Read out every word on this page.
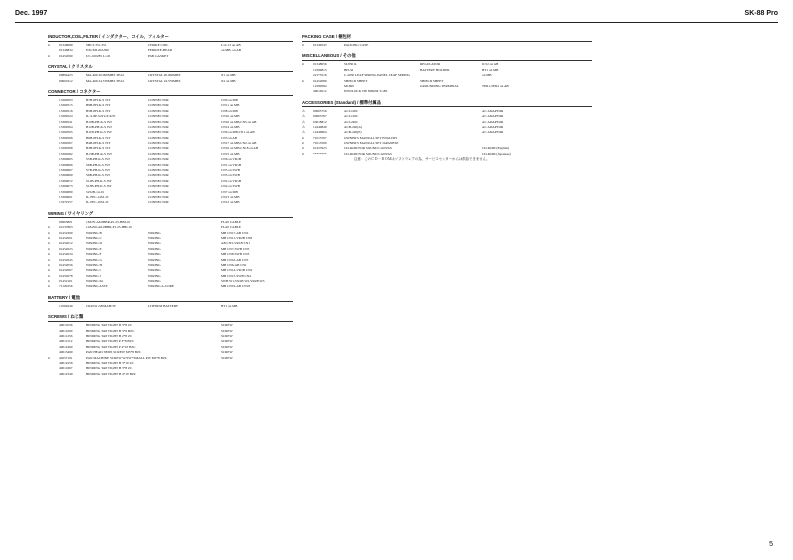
Dec. 1997	SK-88 Pro
INDUCTOR,COIL,FILTER / インダクター、コイル、フィルター
#	01346089	SBC3-331-351	CHOKE COIL	L12-13 on AB
01346834	EXCML20A390	FERRITE-BEAD	on MB, on AB
#	01452090	UC-100285 L=45	EMI GASKET
CRYSTAL / クリスタル
00894423	MA-406 20.000MHZ TE24	CRYSTAL 20.000MHZ	X1 on MB
00901912	MA-406 24.576MHZ TE24	CRYSTAL 24.576MHZ	X2 on MB
CONNECTOR / コネクター
13369503	B7B-PH-K-S JST	CONNECTOR	CN9 on MB
13369515	B9B-PH-K-S JST	CONNECTOR	CN11 on MB
13369516	B5B-PH-K-S JST	CONNECTOR	CN8 on MB
13369524	IL-S-8P-S2T2-E.K35	CONNECTOR	CN10 on MB
13369541	B10B-PH-K-S JST	CONNECTOR	CN16 on MB,CN5 on AB
13369564	B12B-PH-K-S JST	CONNECTOR	CN14 on MB
13369565	B11B-PH-K-S JST	CONNECTOR	CN6 on MB,CN1 on AB
13369566	B6B-PH-K-S JST	CONNECTOR	CN3 on AB
13369567	B4B-PH-K-S JST	CONNECTOR	CN17 on MB,CN2 on AB
13369568	B3B-PH-K-S JST	CONNECTOR	CN19 on MB,CN18 on AB
13369582	B13B-PH-K-S JST	CONNECTOR	CN15 on MB
13369665	S5B-PH-K-S JST	CONNECTOR	CN6 on VR1B
13369666	S6B-PH-K-S JST	CONNECTOR	CN1 on VR1B
13369667	S7B-PH-K-S JST	CONNECTOR	CN5 on SWB
13369669	S9B-PH-K-S JST	CONNECTOR	CN3 on SWB
13369672	S12B-PH-K-S JST	CONNECTOR	CN2 on VR1B
13369673	S13B-PH-K-S JST	CONNECTOR	CN4 on SWB
13369680	5232B-14-01	CONNECTOR	CN7 on MB
13369901	IL-FPC-14SL-N	CONNECTOR	CN13 on MB
13379157	IL-FPC-16SL-N	CONNECTOR	CN12 on MB
WIRING / ワイヤリング
00905801	16X70-A6.0BBR-P1.25-HBL10	FLAT CABLE
#	01237863	14X250-A6.0BBR-P1.25-HBL10	FLAT CABLE
#	01451990	WIRING B	WIRING	MB CN17-AB CN2
#	01452001	WIRING C	WIRING	MB CN11-VR2B CN6
#	01452012	WIRING D	WIRING	AB CN3-VR1B CN1
#	01452023	WIRING E	WIRING	MB CN7-SWB CN5
#	01452034	WIRING F	WIRING	MB CN8-SWB CN3
#	01452045	WIRING G	WIRING	MB CN16-AB CN5
#	01452056	WIRING H	WIRING	MB CN6-AB CN1
#	01452067	WIRING I	WIRING	MB CN14-VR1B CN2
#	01452078	WIRING J	WIRING	MB CN15-SWB CN4
#	01452101	WIRING K1	WIRING	SWB W1,VR1B W2,VR2B W3
#	71120256	WIRING ASSY	WIRING A-CORE	MB CN19-AB CN18
BATTERY / 電池
12569249	CR2032 220MAH/3V	LITHIUM BATTERY	BT1 on MB
SCREWS / ねじ類
40011056	BINDING TAP TIGHT B 3*8 ZC	SCREW
40011090	BINDING TAP TIGHT B 3*6 BZC	SCREW
40011256	BINDING TAP TIGHT B 2*8 ZC	SCREW
40011512	BINDING TAP TIGHT P 3*8 BZC	SCREW
40012490	BINDING TAP TIGHT P 4*10 BZC	SCREW
40013490	PAN HEAD SEMS SCREW M3*8 BZC	SCREW
#	40257191	PAN MACHINE SCREW W/SW+SMALL PW M3*8 BZC	SCREW
40012256	BINDING TAP TIGHT B 3*10 ZC
40011667	BINDING TAP TIGHT B 3*8 ZC
40012349	BINDING TAP TIGHT B 4*10 BZC
PACKING CASE / 梱包材
#	01349545	PACKING CASE
MISCELLANEOUS / その他
#	01348056	SI-8501L	REGULATOR	IC52 on AB
12399815	BH-32	BATTERY HOLDER	BT1 on MB
22175516	C-2030 LEAF SPRING PANEL LEAF SPRING	on MB
#	01452089	SHIELD SHEET	SHIELD SHEET
12399584	M1699	GROUNDING TERMINAL	TER1,TER2 on AB
40016512	INSULOCK TIE 80M/M T-18S
ACCESSORIES (Standard) / 標準付属品
⚠ 00905756	ACI-100C	AC ADAPTOR
⚠ 00905767	ACI-120C	AC ADAPTOR
⚠ 03018812	ACI-240C	AC ADAPTOR
⚠ 12449849	ACB-240(A)	AC ADAPTOR
⚠ 12449964	ACB-240(E)	AC ADAPTOR
#	71013767	OWNER'S MANUAL SET ENGLISH
#	71013590	OWNER'S MANUAL SET JAPANESE
#	01457623	CD-ROM FOR SOUND CANVAS	CD-ROM (English)
#	********	CD-ROM FOR SOUND CANVAS	CD-ROM (Japanese)
注意：このＣＤ－ＲＯＭはソフトウェアの為、サービスセンターからは供給できません。
5
